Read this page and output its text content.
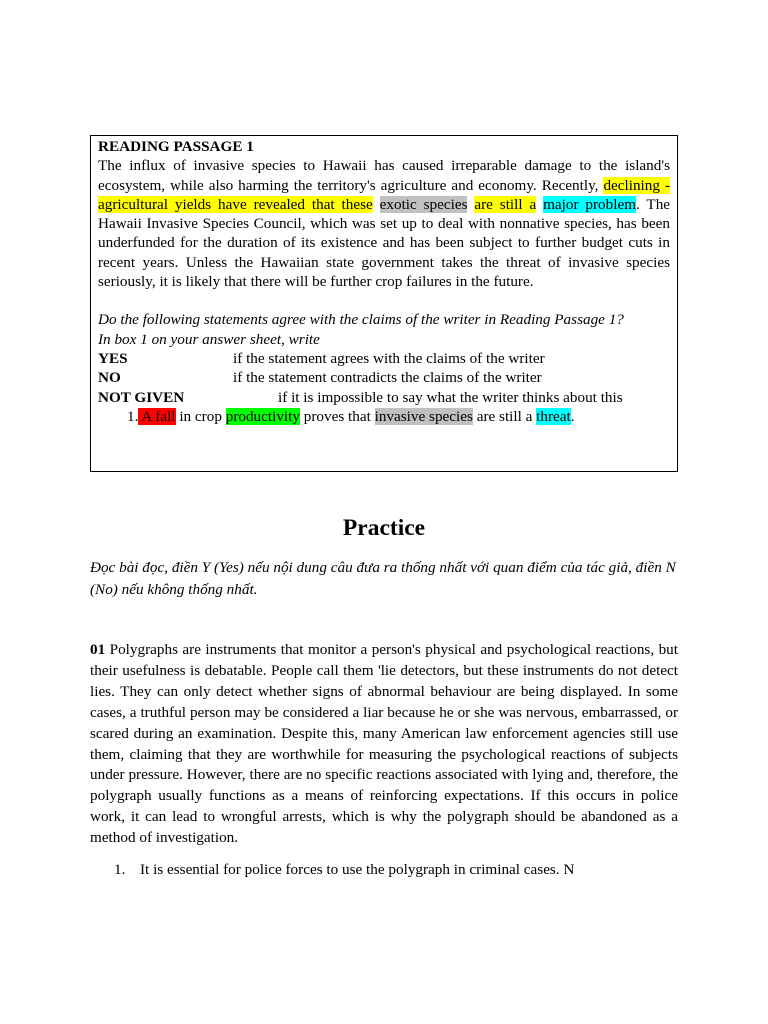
READING PASSAGE 1

The influx of invasive species to Hawaii has caused irreparable damage to the island's ecosystem, while also harming the territory's agriculture and economy. Recently, declining -agricultural yields have revealed that these exotic species are still a major problem. The Hawaii Invasive Species Council, which was set up to deal with nonnative species, has been underfunded for the duration of its existence and has been subject to further budget cuts in recent years. Unless the Hawaiian state government takes the threat of invasive species seriously, it is likely that there will be further crop failures in the future.

Do the following statements agree with the claims of the writer in Reading Passage 1?

In box 1 on your answer sheet, write

YES	if the statement agrees with the claims of the writer
NO	if the statement contradicts the claims of the writer
NOT GIVEN	if it is impossible to say what the writer thinks about this

1. A fall in crop productivity proves that invasive species are still a threat.

Practice

Đọc bài đọc, điền Y (Yes) nếu nội dung câu đưa ra thống nhất với quan điểm của tác giả, điền N (No) nếu không thống nhất.

01 Polygraphs are instruments that monitor a person's physical and psychological reactions, but their usefulness is debatable. People call them 'lie detectors, but these instruments do not detect lies. They can only detect whether signs of abnormal behaviour are being displayed. In some cases, a truthful person may be considered a liar because he or she was nervous, embarrassed, or scared during an examination. Despite this, many American law enforcement agencies still use them, claiming that they are worthwhile for measuring the psychological reactions of subjects under pressure. However, there are no specific reactions associated with lying and, therefore, the polygraph usually functions as a means of reinforcing expectations. If this occurs in police work, it can lead to wrongful arrests, which is why the polygraph should be abandoned as a method of investigation.

1. It is essential for police forces to use the polygraph in criminal cases. N
